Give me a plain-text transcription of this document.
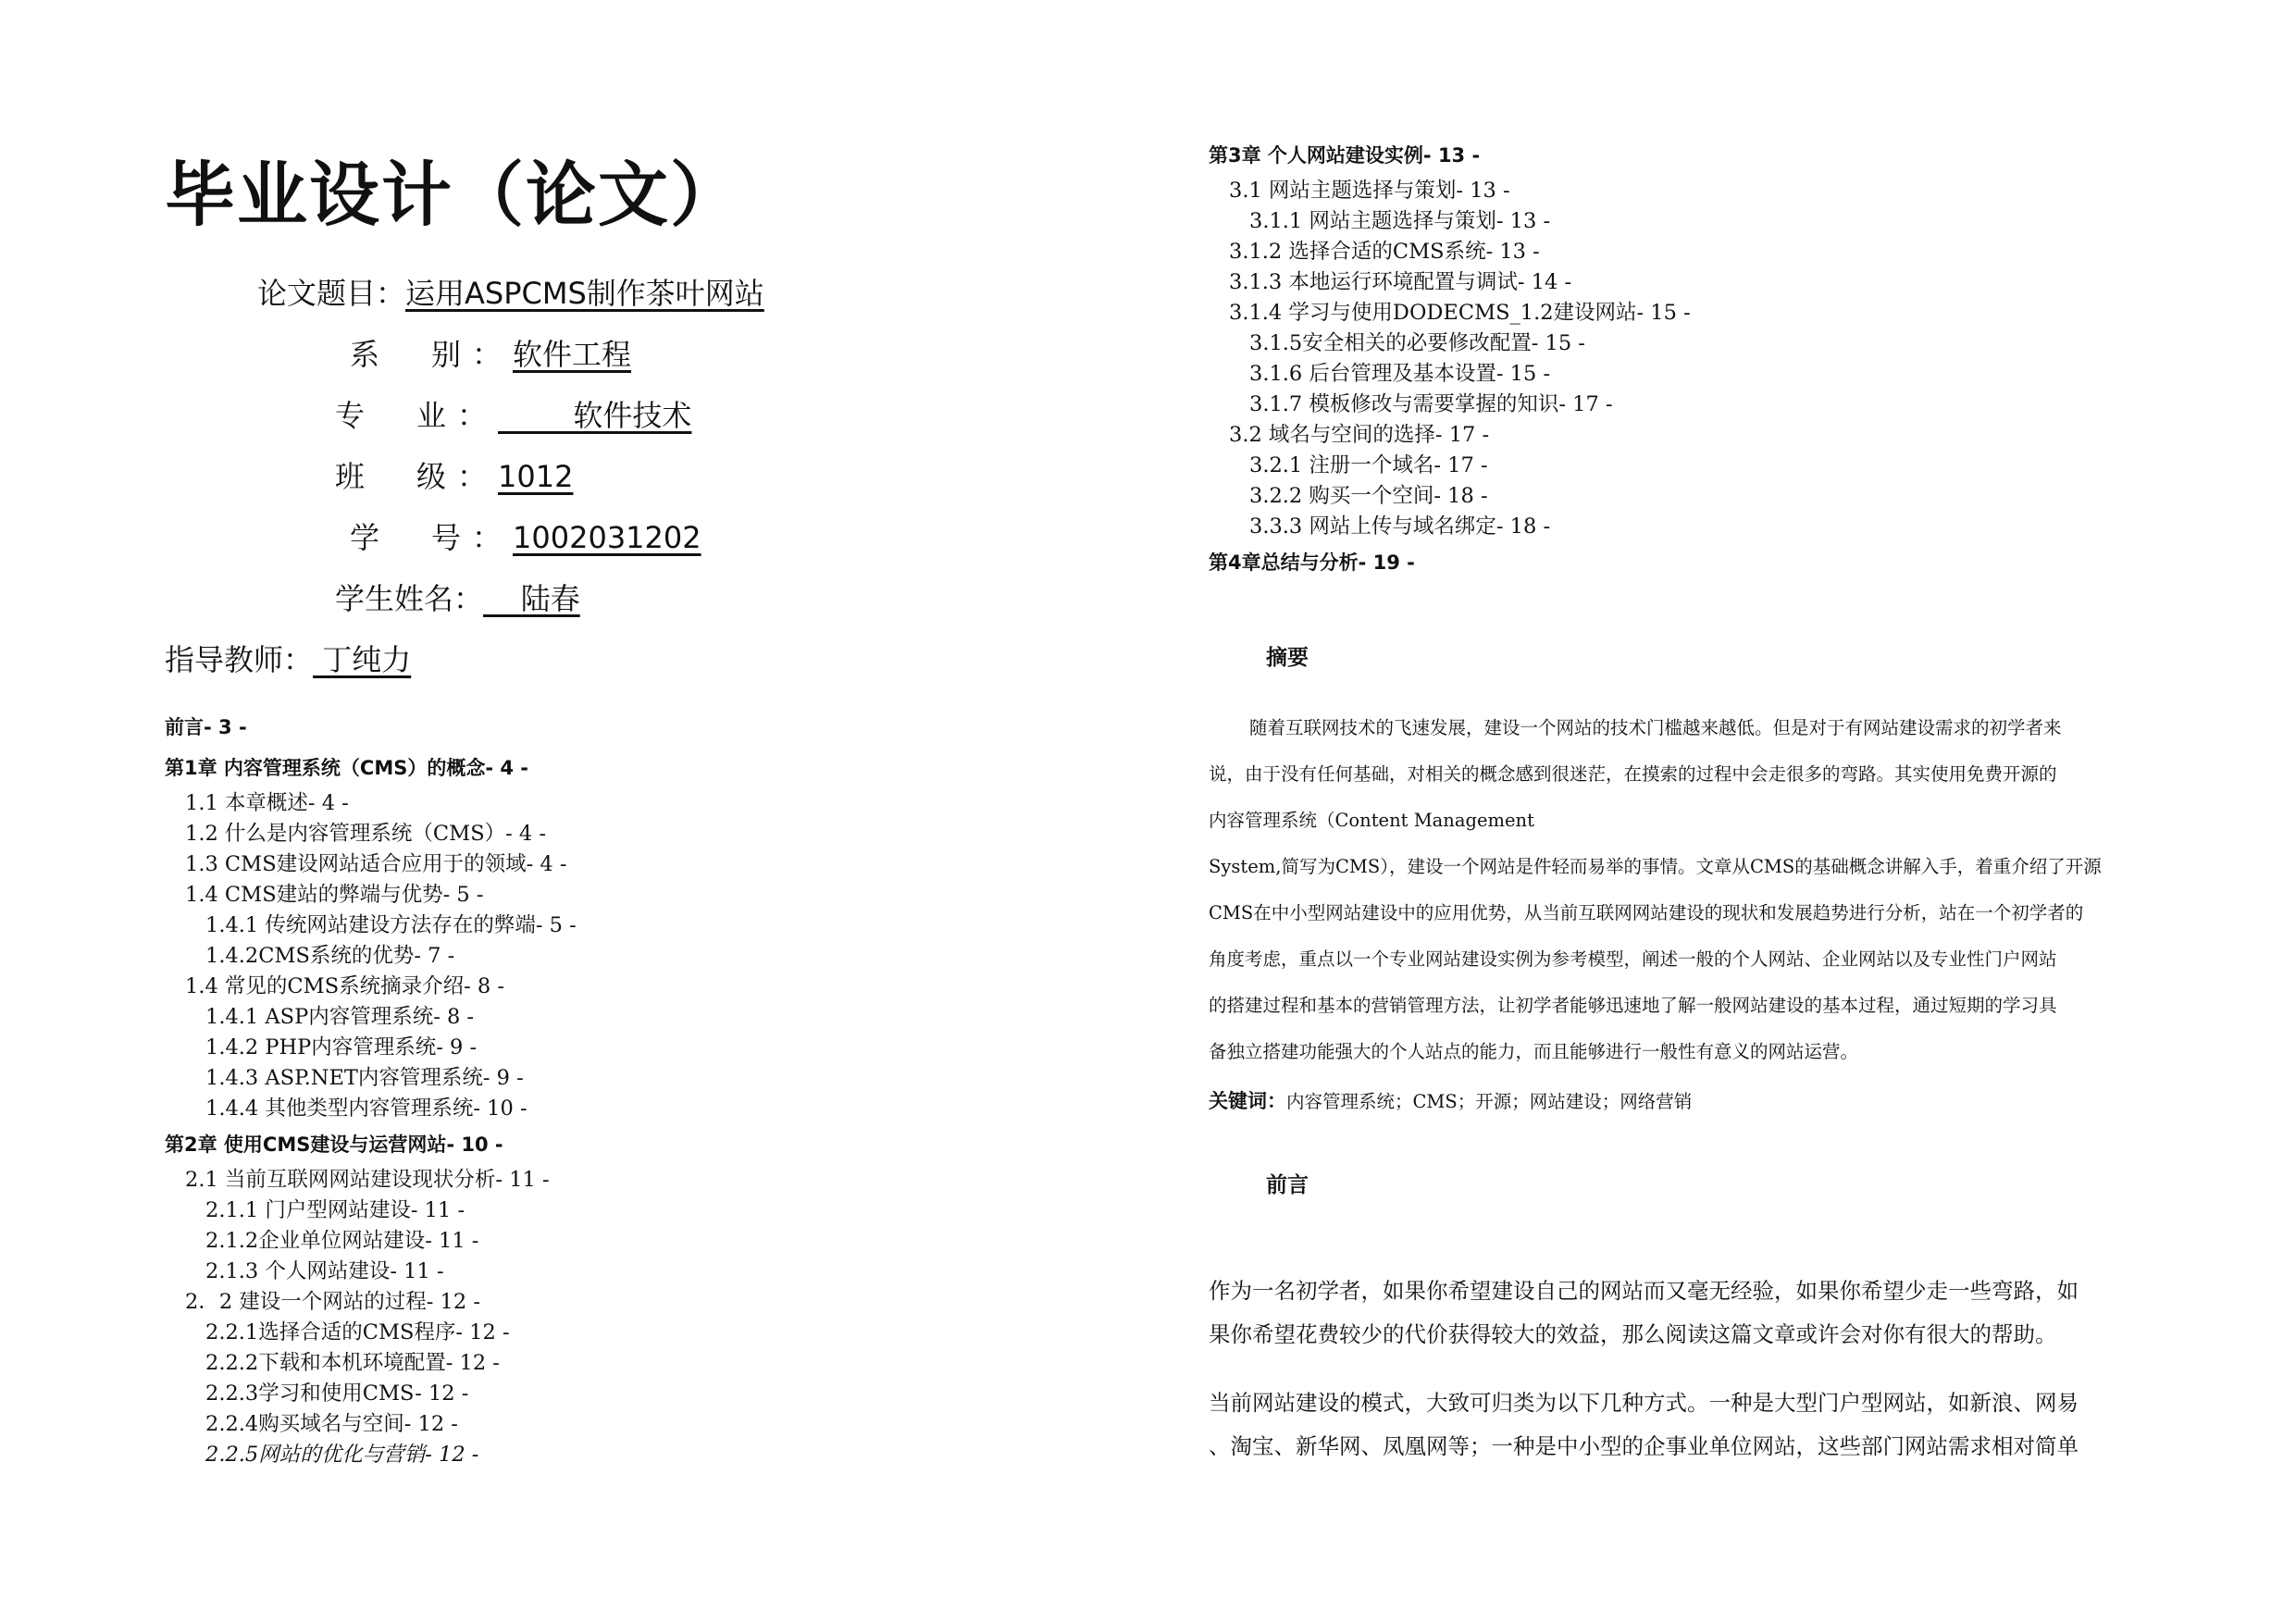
毕业设计（论文）
论文题目：运用ASPCMS制作茶叶网站
系　别：软件工程
专　业：        软件技术
班　级：1012
学　号：1002031202
学生姓名：    陆春
指导教师： 丁纯力
前言- 3 -
第1章 内容管理系统（CMS）的概念- 4 -
1.1 本章概述- 4 -
1.2 什么是内容管理系统（CMS）- 4 -
1.3 CMS建设网站适合应用于的领域- 4 -
1.4 CMS建站的弊端与优势- 5 -
1.4.1 传统网站建设方法存在的弊端- 5 -
1.4.2CMS系统的优势- 7 -
1.4 常见的CMS系统摘录介绍- 8 -
1.4.1 ASP内容管理系统- 8 -
1.4.2 PHP内容管理系统- 9 -
1.4.3 ASP.NET内容管理系统- 9 -
1.4.4 其他类型内容管理系统- 10 -
第2章 使用CMS建设与运营网站- 10 -
2.1 当前互联网网站建设现状分析- 11 -
2.1.1 门户型网站建设- 11 -
2.1.2企业单位网站建设- 11 -
2.1.3 个人网站建设- 11 -
2．2 建设一个网站的过程- 12 -
2.2.1选择合适的CMS程序- 12 -
2.2.2下载和本机环境配置- 12 -
2.2.3学习和使用CMS- 12 -
2.2.4购买域名与空间- 12 -
2.2.5网站的优化与营销- 12 -
第3章 个人网站建设实例- 13 -
3.1 网站主题选择与策划- 13 -
3.1.1 网站主题选择与策划- 13 -
3.1.2 选择合适的CMS系统- 13 -
3.1.3 本地运行环境配置与调试- 14 -
3.1.4 学习与使用DODECMS_1.2建设网站- 15 -
3.1.5安全相关的必要修改配置- 15 -
3.1.6 后台管理及基本设置- 15 -
3.1.7 模板修改与需要掌握的知识- 17 -
3.2 域名与空间的选择- 17 -
3.2.1 注册一个域名- 17 -
3.2.2 购买一个空间- 18 -
3.3.3 网站上传与域名绑定- 18 -
第4章总结与分析- 19 -
摘要
随着互联网技术的飞速发展，建设一个网站的技术门槛越来越低。但是对于有网站建设需求的初学者来
说，由于没有任何基础，对相关的概念感到很迷茫，在摸索的过程中会走很多的弯路。其实使用免费开源的
内容管理系统（Content Management
System,简写为CMS），建设一个网站是件轻而易举的事情。文章从CMS的基础概念讲解入手，着重介绍了开源
CMS在中小型网站建设中的应用优势，从当前互联网网站建设的现状和发展趋势进行分析，站在一个初学者的
角度考虑，重点以一个专业网站建设实例为参考模型，阐述一般的个人网站、企业网站以及专业性门户网站
的搭建过程和基本的营销管理方法，让初学者能够迅速地了解一般网站建设的基本过程，通过短期的学习具
备独立搭建功能强大的个人站点的能力，而且能够进行一般性有意义的网站运营。
关键词：内容管理系统；CMS；开源；网站建设；网络营销
前言
作为一名初学者，如果你希望建设自己的网站而又毫无经验，如果你希望少走一些弯路，如
果你希望花费较少的代价获得较大的效益，那么阅读这篇文章或许会对你有很大的帮助。
当前网站建设的模式，大致可归类为以下几种方式。一种是大型门户型网站，如新浪、网易
、淘宝、新华网、凤凰网等；一种是中小型的企事业单位网站，这些部门网站需求相对简单
